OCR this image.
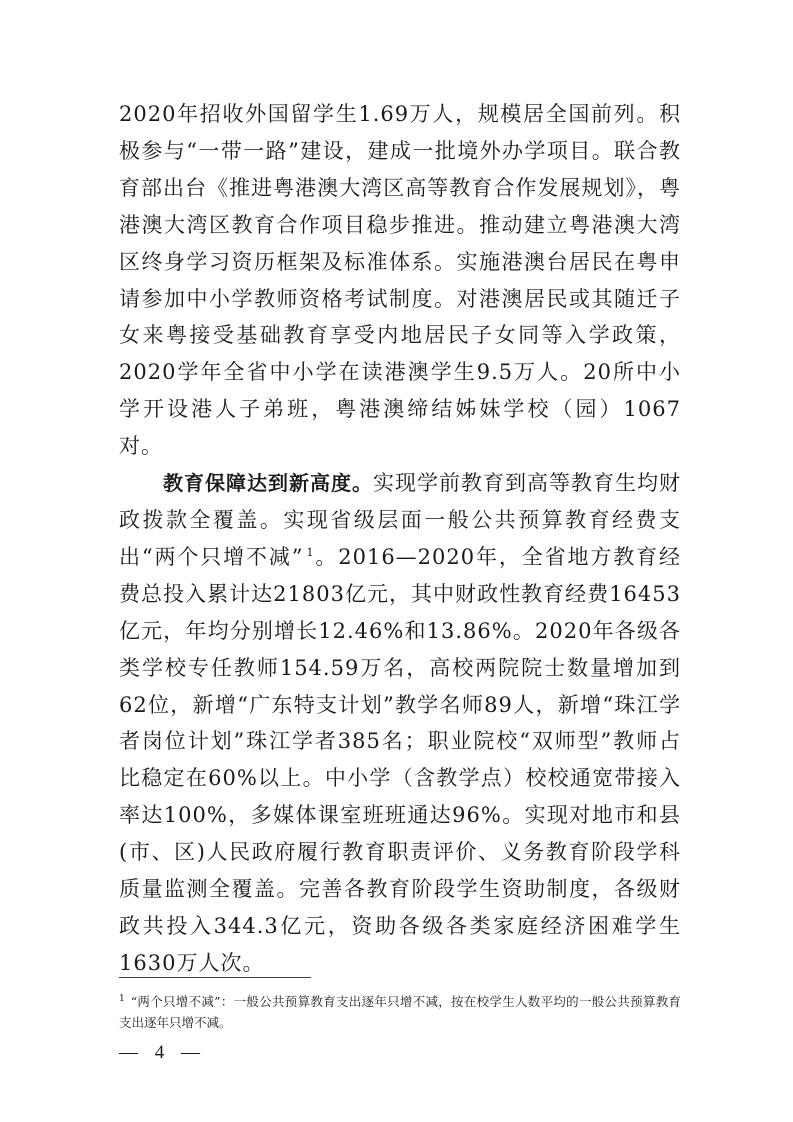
2020年招收外国留学生1.69万人，规模居全国前列。积极参与“一带一路”建设，建成一批境外办学项目。联合教育部出台《推进粤港澳大湾区高等教育合作发展规划》，粤港澳大湾区教育合作项目稳步推进。推动建立粤港澳大湾区终身学习资历框架及标准体系。实施港澳台居民在粤申请参加中小学教师资格考试制度。对港澳居民或其随迁子女来粤接受基础教育享受内地居民子女同等入学政策，2020学年全省中小学在读港澳学生9.5万人。20所中小学开设港人子弟班，粤港澳缔结姊妹学校（园）1067对。

教育保障达到新高度。实现学前教育到高等教育生均财政拨款全覆盖。实现省级层面一般公共预算教育经费支出“两个只增不减” $^1$。2016—2020年，全省地方教育经费总投入累计达21803亿元，其中财政性教育经费16453亿元，年均分别增长12.46%和13.86%。2020年各级各类学校专任教师154.59万名，高校两院院士数量增加到62位，新增“广东特支计划”教学名师89人，新增“珠江学者岗位计划”珠江学者385名；职业院校“双师型”教师占比稳定在60%以上。中小学（含教学点）校校通宽带接入率达100%，多媒体课室班班通达96%。实现对地市和县(市、区)人民政府履行教育职责评价、义务教育阶段学科质量监测全覆盖。完善各教育阶段学生资助制度，各级财政共投入344.3亿元，资助各级各类家庭经济困难学生1630万人次。

$^1$ “两个只增不减”：一般公共预算教育支出逐年只增不减，按在校学生人数平均的一般公共预算教育支出逐年只增不减。
— 4 —
